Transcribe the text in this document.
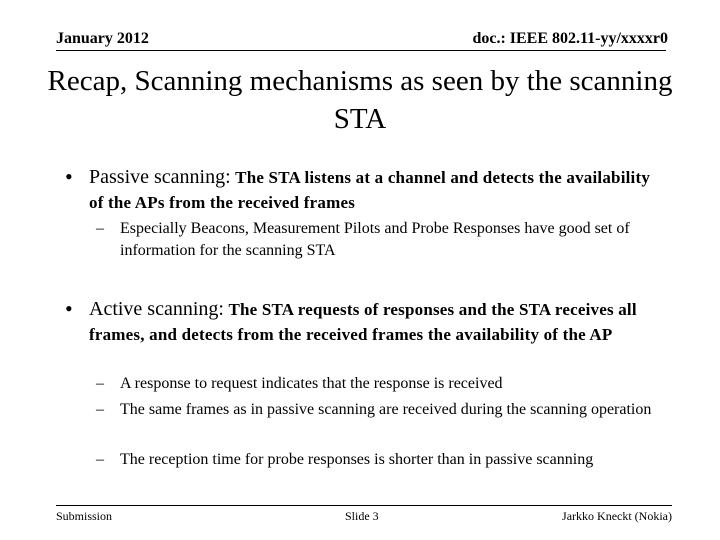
January 2012	doc.: IEEE 802.11-yy/xxxxr0
Recap, Scanning mechanisms as seen by the scanning STA
• Passive scanning: The STA listens at a channel and detects the availability of the APs from the received frames
– Especially Beacons, Measurement Pilots and Probe Responses have good set of information for the scanning STA
• Active scanning: The STA requests of responses and the STA receives all frames, and detects from the received frames the availability of the AP
– A response to request indicates that the response is received
– The same frames as in passive scanning are received during the scanning operation
– The reception time for probe responses is shorter than in passive scanning
Submission	Slide 3	Jarkko Kneckt (Nokia)
